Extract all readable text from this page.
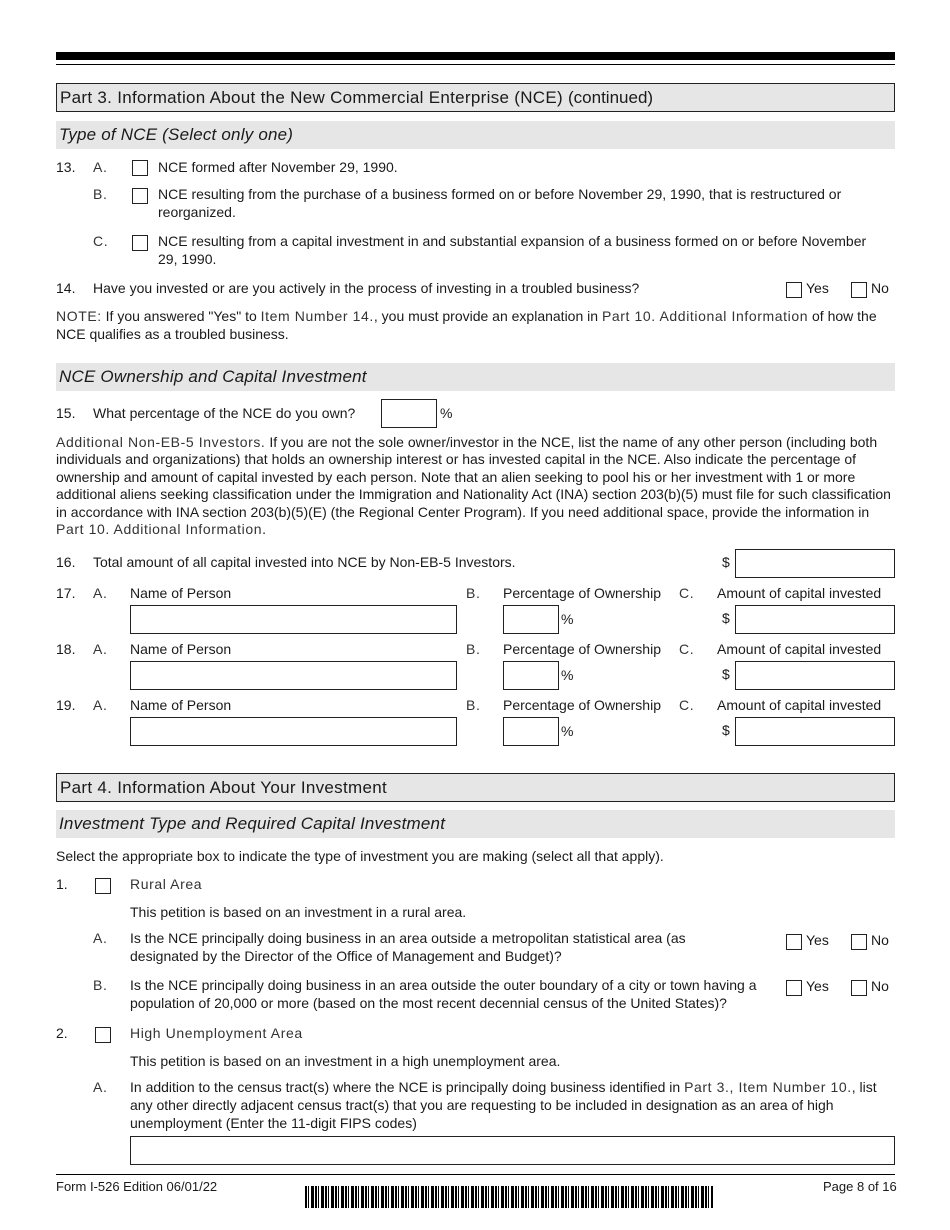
Part 3. Information About the New Commercial Enterprise (NCE) (continued)
Type of NCE (Select only one)
13. A.	NCE formed after November 29, 1990.
B.	NCE resulting from the purchase of a business formed on or before November 29, 1990, that is restructured or reorganized.
C.	NCE resulting from a capital investment in and substantial expansion of a business formed on or before November 29, 1990.
14. Have you invested or are you actively in the process of investing in a troubled business?	Yes	No
NOTE: If you answered "Yes" to Item Number 14., you must provide an explanation in Part 10. Additional Information of how the NCE qualifies as a troubled business.
NCE Ownership and Capital Investment
15. What percentage of the NCE do you own?	%
Additional Non-EB-5 Investors. If you are not the sole owner/investor in the NCE, list the name of any other person (including both individuals and organizations) that holds an ownership interest or has invested capital in the NCE. Also indicate the percentage of ownership and amount of capital invested by each person. Note that an alien seeking to pool his or her investment with 1 or more additional aliens seeking classification under the Immigration and Nationality Act (INA) section 203(b)(5) must file for such classification in accordance with INA section 203(b)(5)(E) (the Regional Center Program). If you need additional space, provide the information in Part 10. Additional Information.
16. Total amount of all capital invested into NCE by Non-EB-5 Investors.	$
17. A. Name of Person	B. Percentage of Ownership C. Amount of capital invested
%	$
18. A. Name of Person	B. Percentage of Ownership C. Amount of capital invested
%	$
19. A. Name of Person	B. Percentage of Ownership C. Amount of capital invested
%	$
Part 4. Information About Your Investment
Investment Type and Required Capital Investment
Select the appropriate box to indicate the type of investment you are making (select all that apply).
1.	Rural Area
This petition is based on an investment in a rural area.
A. Is the NCE principally doing business in an area outside a metropolitan statistical area (as designated by the Director of the Office of Management and Budget)?
Yes	No
B. Is the NCE principally doing business in an area outside the outer boundary of a city or town having a population of 20,000 or more (based on the most recent decennial census of the United States)?
Yes	No
2.	High Unemployment Area
This petition is based on an investment in a high unemployment area.
A. In addition to the census tract(s) where the NCE is principally doing business identified in Part 3., Item Number 10., list any other directly adjacent census tract(s) that you are requesting to be included in designation as an area of high unemployment (Enter the 11-digit FIPS codes)
Form I-526 Edition 06/01/22	Page 8 of 16
